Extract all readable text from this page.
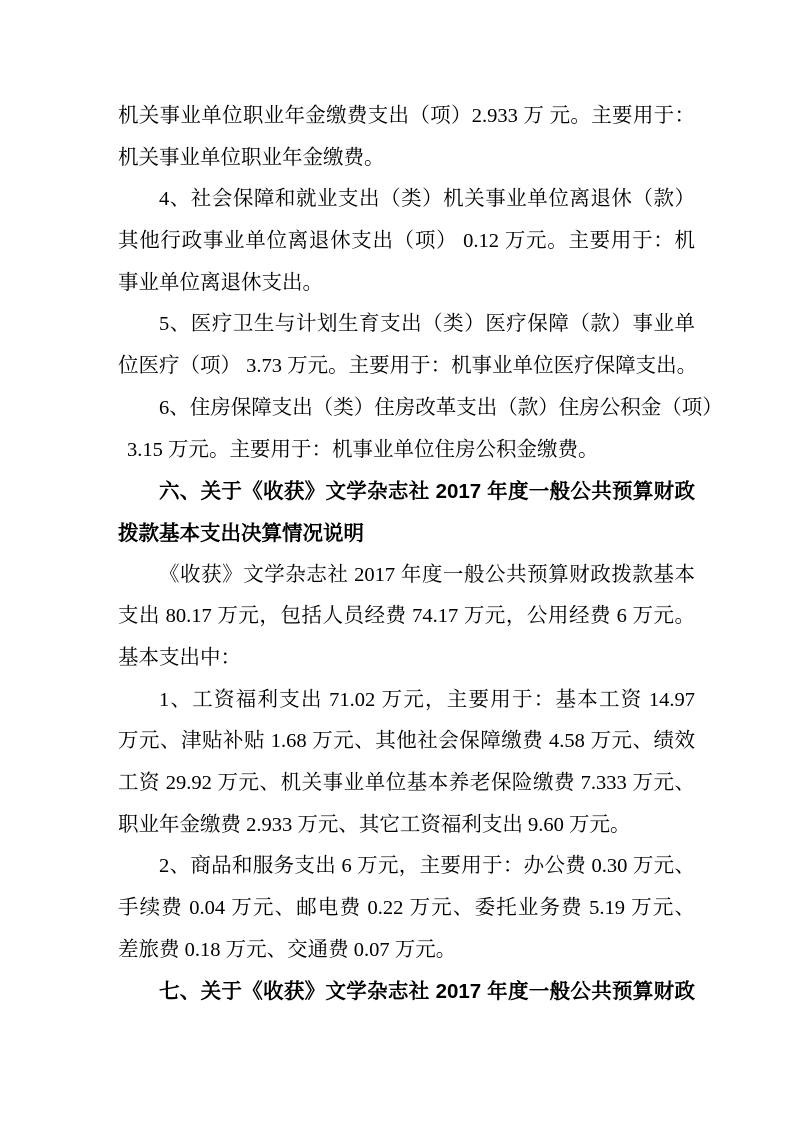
机关事业单位职业年金缴费支出（项）2.933 万 元。主要用于：
机关事业单位职业年金缴费。
4、社会保障和就业支出（类）机关事业单位离退休（款）
其他行政事业单位离退休支出（项） 0.12 万元。主要用于：机
事业单位离退休支出。
5、医疗卫生与计划生育支出（类）医疗保障（款）事业单
位医疗（项） 3.73 万元。主要用于：机事业单位医疗保障支出。
6、住房保障支出（类）住房改革支出（款）住房公积金（项）
3.15 万元。主要用于：机事业单位住房公积金缴费。
六、关于《收获》文学杂志社 2017 年度一般公共预算财政
拨款基本支出决算情况说明
《收获》文学杂志社 2017 年度一般公共预算财政拨款基本
支出 80.17 万元，包括人员经费 74.17 万元，公用经费 6 万元。
基本支出中：
1、工资福利支出 71.02 万元，主要用于：基本工资 14.97
万元、津贴补贴 1.68 万元、其他社会保障缴费 4.58 万元、绩效
工资 29.92 万元、机关事业单位基本养老保险缴费 7.333 万元、
职业年金缴费 2.933 万元、其它工资福利支出 9.60 万元。
2、商品和服务支出 6 万元，主要用于：办公费 0.30 万元、
手续费 0.04 万元、邮电费 0.22 万元、委托业务费 5.19 万元、
差旅费 0.18 万元、交通费 0.07 万元。
七、关于《收获》文学杂志社 2017 年度一般公共预算财政
